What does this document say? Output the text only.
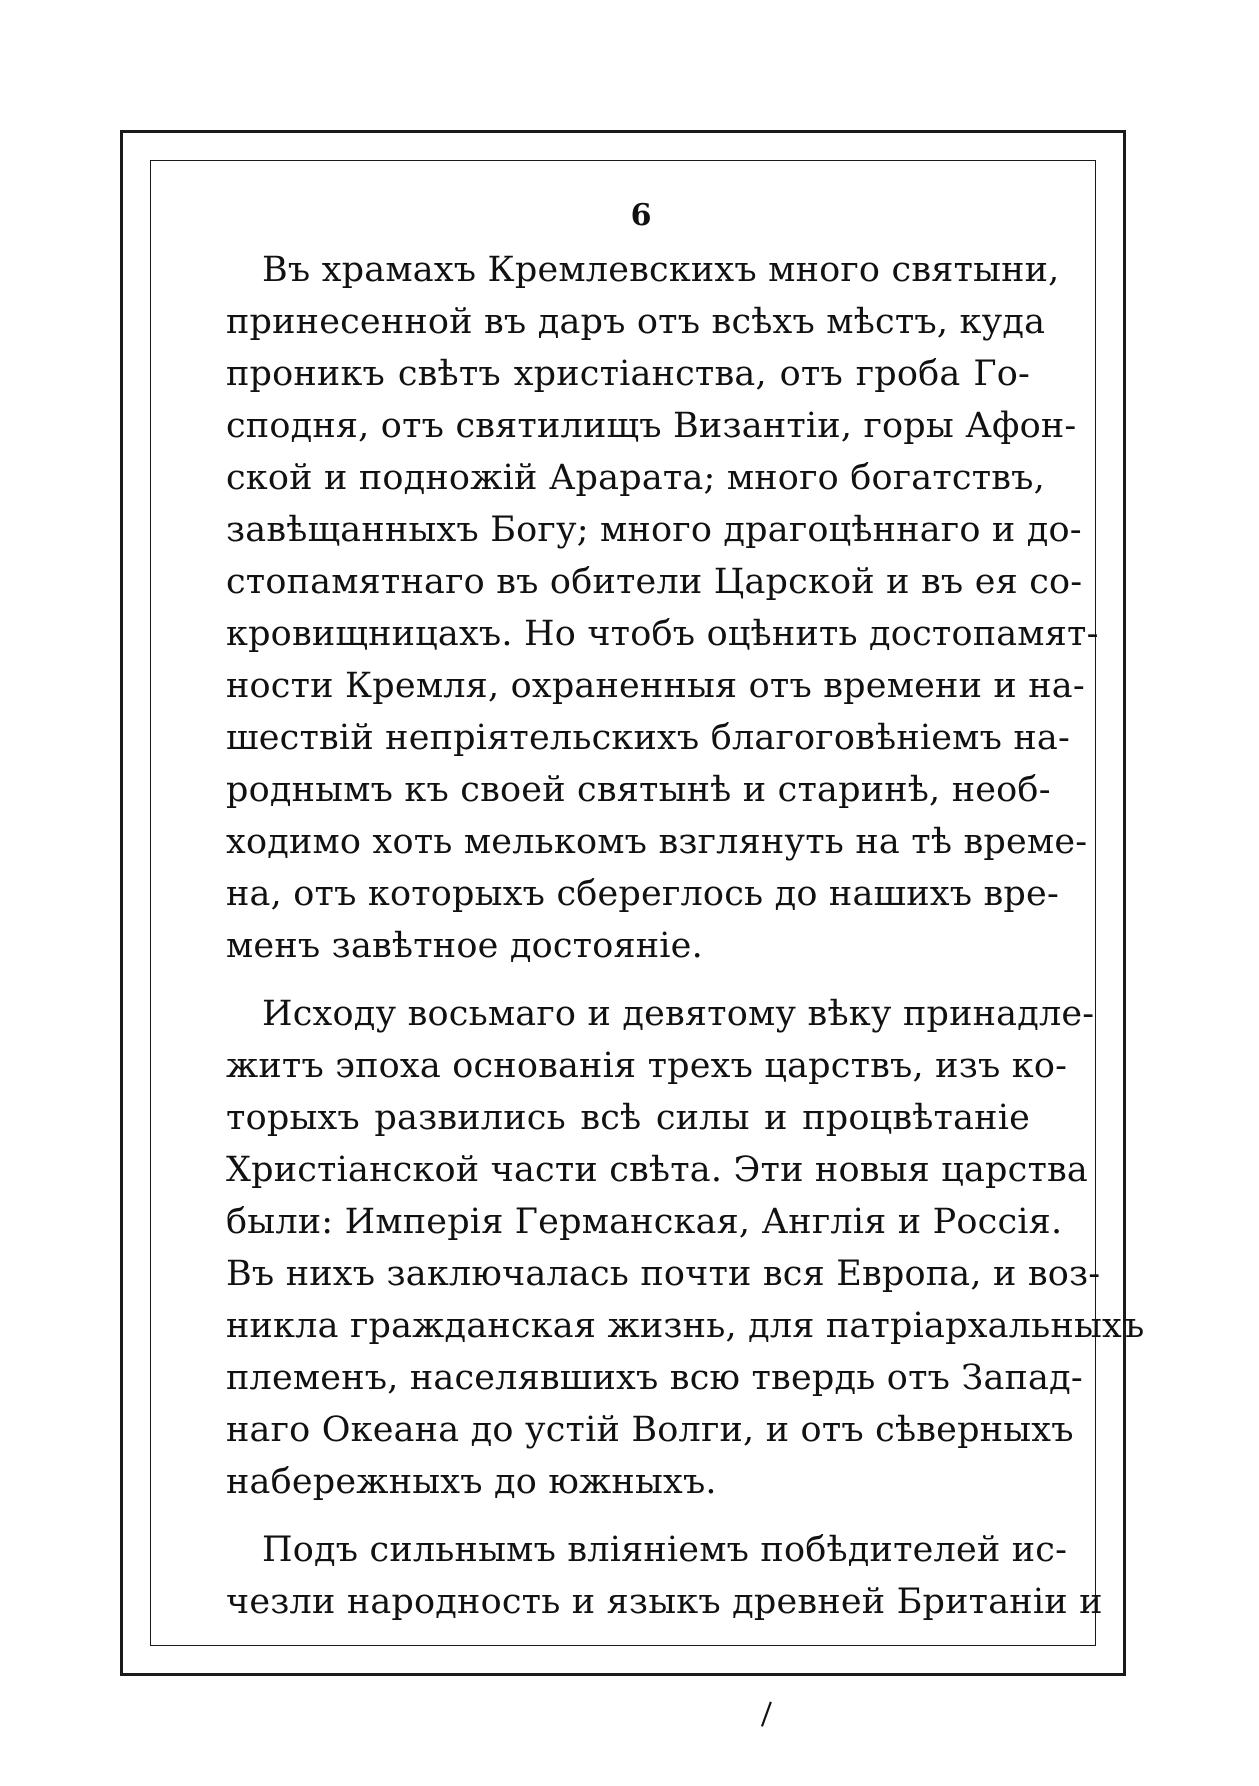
6
Въ храмахъ Кремлевскихъ много святыни,
принесенной въ даръ отъ всѣхъ мѣстъ, куда
проникъ свѣтъ христіанства, отъ гроба Го-
сподня, отъ святилищъ Византіи, горы Афон-
ской и подножій Арарата; много богатствъ,
завѣщанныхъ Богу; много драгоцѣннаго и до-
стопамятнаго въ обители Царской и въ ея со-
кровищницахъ. Но чтобъ оцѣнить достопамят-
ности Кремля, охраненныя отъ времени и на-
шествій непріятельскихъ благоговѣніемъ на-
роднымъ къ своей святынѣ и старинѣ, необ-
ходимо хоть мелькомъ взглянуть на тѣ време-
на, отъ которыхъ сбереглось до нашихъ вре-
менъ завѣтное достояніе.
Исходу восьмаго и девятому вѣку принадле-
житъ эпоха основанія трехъ царствъ, изъ ко-
торыхъ развились всѣ силы и процвѣтаніе
Христіанской части свѣта. Эти новыя царства
были: Имперія Германская, Англія и Россія.
Въ нихъ заключалась почти вся Европа, и воз-
никла гражданская жизнь, для патріархальныхъ
племенъ, населявшихъ всю твердь отъ Запад-
наго Океана до устій Волги, и отъ сѣверныхъ
набережныхъ до южныхъ.
Подъ сильнымъ вліяніемъ побѣдителей ис-
чезли народность и языкъ древней Британіи и
❘
